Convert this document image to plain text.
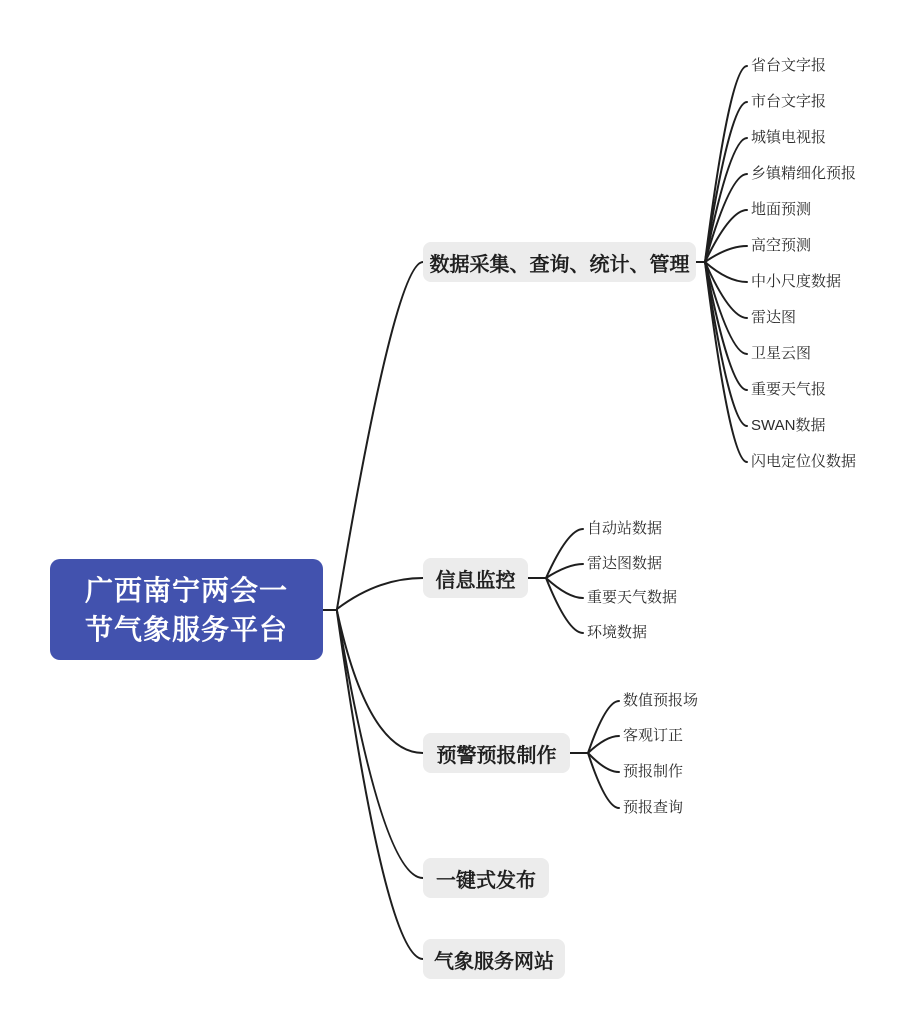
广西南宁两会一
节气象服务平台
数据采集、查询、统计、管理
信息监控
预警预报制作
一键式发布
气象服务网站
省台文字报
市台文字报
城镇电视报
乡镇精细化预报
地面预测
高空预测
中小尺度数据
雷达图
卫星云图
重要天气报
SWAN数据
闪电定位仪数据
自动站数据
雷达图数据
重要天气数据
环境数据
数值预报场
客观订正
预报制作
预报查询
